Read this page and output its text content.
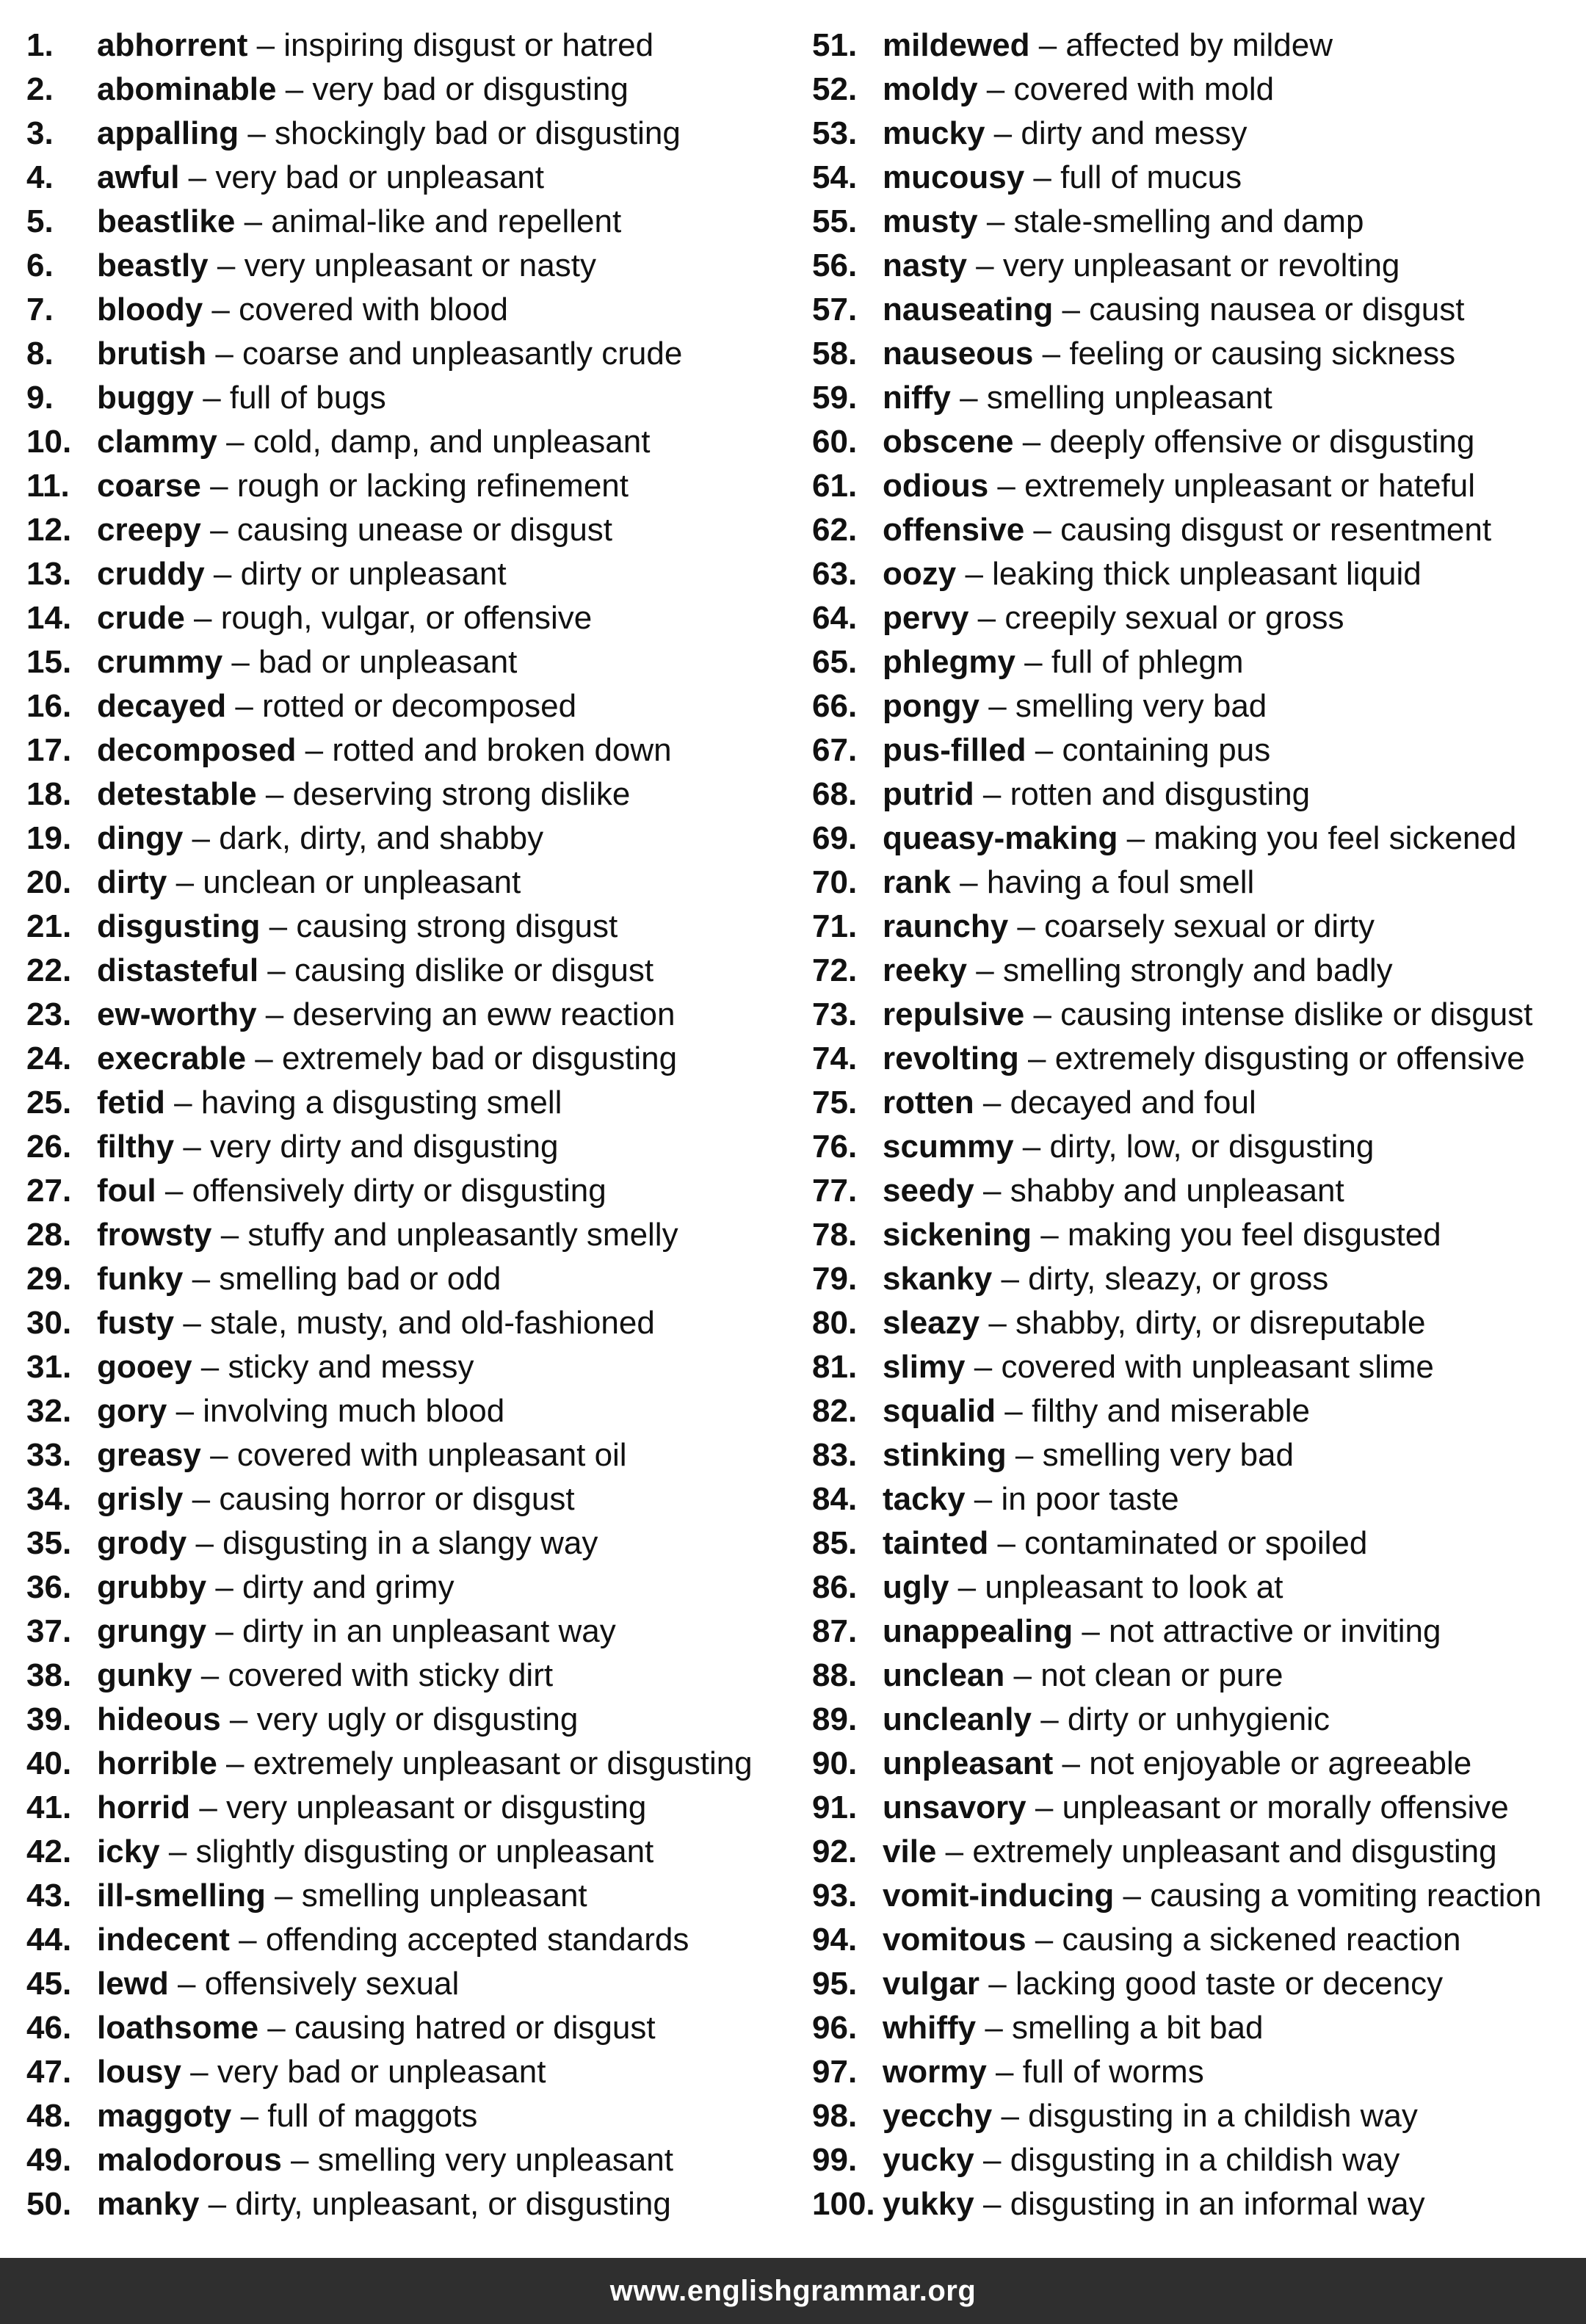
1.	abhorrent – inspiring disgust or hatred
2.	abominable – very bad or disgusting
3.	appalling – shockingly bad or disgusting
4.	awful – very bad or unpleasant
5.	beastlike – animal-like and repellent
6.	beastly – very unpleasant or nasty
7.	bloody – covered with blood
8.	brutish – coarse and unpleasantly crude
9.	buggy – full of bugs
10. clammy – cold, damp, and unpleasant
11. coarse – rough or lacking refinement
12. creepy – causing unease or disgust
13. cruddy – dirty or unpleasant
14. crude – rough, vulgar, or offensive
15. crummy – bad or unpleasant
16. decayed – rotted or decomposed
17. decomposed – rotted and broken down
18. detestable – deserving strong dislike
19. dingy – dark, dirty, and shabby
20. dirty – unclean or unpleasant
21. disgusting – causing strong disgust
22. distasteful – causing dislike or disgust
23. ew-worthy – deserving an eww reaction
24. execrable – extremely bad or disgusting
25. fetid – having a disgusting smell
26. filthy – very dirty and disgusting
27. foul – offensively dirty or disgusting
28. frowsty – stuffy and unpleasantly smelly
29. funky – smelling bad or odd
30. fusty – stale, musty, and old-fashioned
31. gooey – sticky and messy
32. gory – involving much blood
33. greasy – covered with unpleasant oil
34. grisly – causing horror or disgust
35. grody – disgusting in a slangy way
36. grubby – dirty and grimy
37. grungy – dirty in an unpleasant way
38. gunky – covered with sticky dirt
39. hideous – very ugly or disgusting
40. horrible – extremely unpleasant or disgusting
41. horrid – very unpleasant or disgusting
42. icky – slightly disgusting or unpleasant
43. ill-smelling – smelling unpleasant
44. indecent – offending accepted standards
45. lewd – offensively sexual
46. loathsome – causing hatred or disgust
47. lousy – very bad or unpleasant
48. maggoty – full of maggots
49. malodorous – smelling very unpleasant
50. manky – dirty, unpleasant, or disgusting
51. mildewed – affected by mildew
52. moldy – covered with mold
53. mucky – dirty and messy
54. mucousy – full of mucus
55. musty – stale-smelling and damp
56. nasty – very unpleasant or revolting
57. nauseating – causing nausea or disgust
58. nauseous – feeling or causing sickness
59. niffy – smelling unpleasant
60. obscene – deeply offensive or disgusting
61. odious – extremely unpleasant or hateful
62. offensive – causing disgust or resentment
63. oozy – leaking thick unpleasant liquid
64. pervy – creepily sexual or gross
65. phlegmy – full of phlegm
66. pongy – smelling very bad
67. pus-filled – containing pus
68. putrid – rotten and disgusting
69. queasy-making – making you feel sickened
70. rank – having a foul smell
71. raunchy – coarsely sexual or dirty
72. reeky – smelling strongly and badly
73. repulsive – causing intense dislike or disgust
74. revolting – extremely disgusting or offensive
75. rotten – decayed and foul
76. scummy – dirty, low, or disgusting
77. seedy – shabby and unpleasant
78. sickening – making you feel disgusted
79. skanky – dirty, sleazy, or gross
80. sleazy – shabby, dirty, or disreputable
81. slimy – covered with unpleasant slime
82. squalid – filthy and miserable
83. stinking – smelling very bad
84. tacky – in poor taste
85. tainted – contaminated or spoiled
86. ugly – unpleasant to look at
87. unappealing – not attractive or inviting
88. unclean – not clean or pure
89. uncleanly – dirty or unhygienic
90. unpleasant – not enjoyable or agreeable
91. unsavory – unpleasant or morally offensive
92. vile – extremely unpleasant and disgusting
93. vomit-inducing – causing a vomiting reaction
94. vomitous – causing a sickened reaction
95. vulgar – lacking good taste or decency
96. whiffy – smelling a bit bad
97. wormy – full of worms
98. yecchy – disgusting in a childish way
99. yucky – disgusting in a childish way
100. yukky – disgusting in an informal way
www.englishgrammar.org
